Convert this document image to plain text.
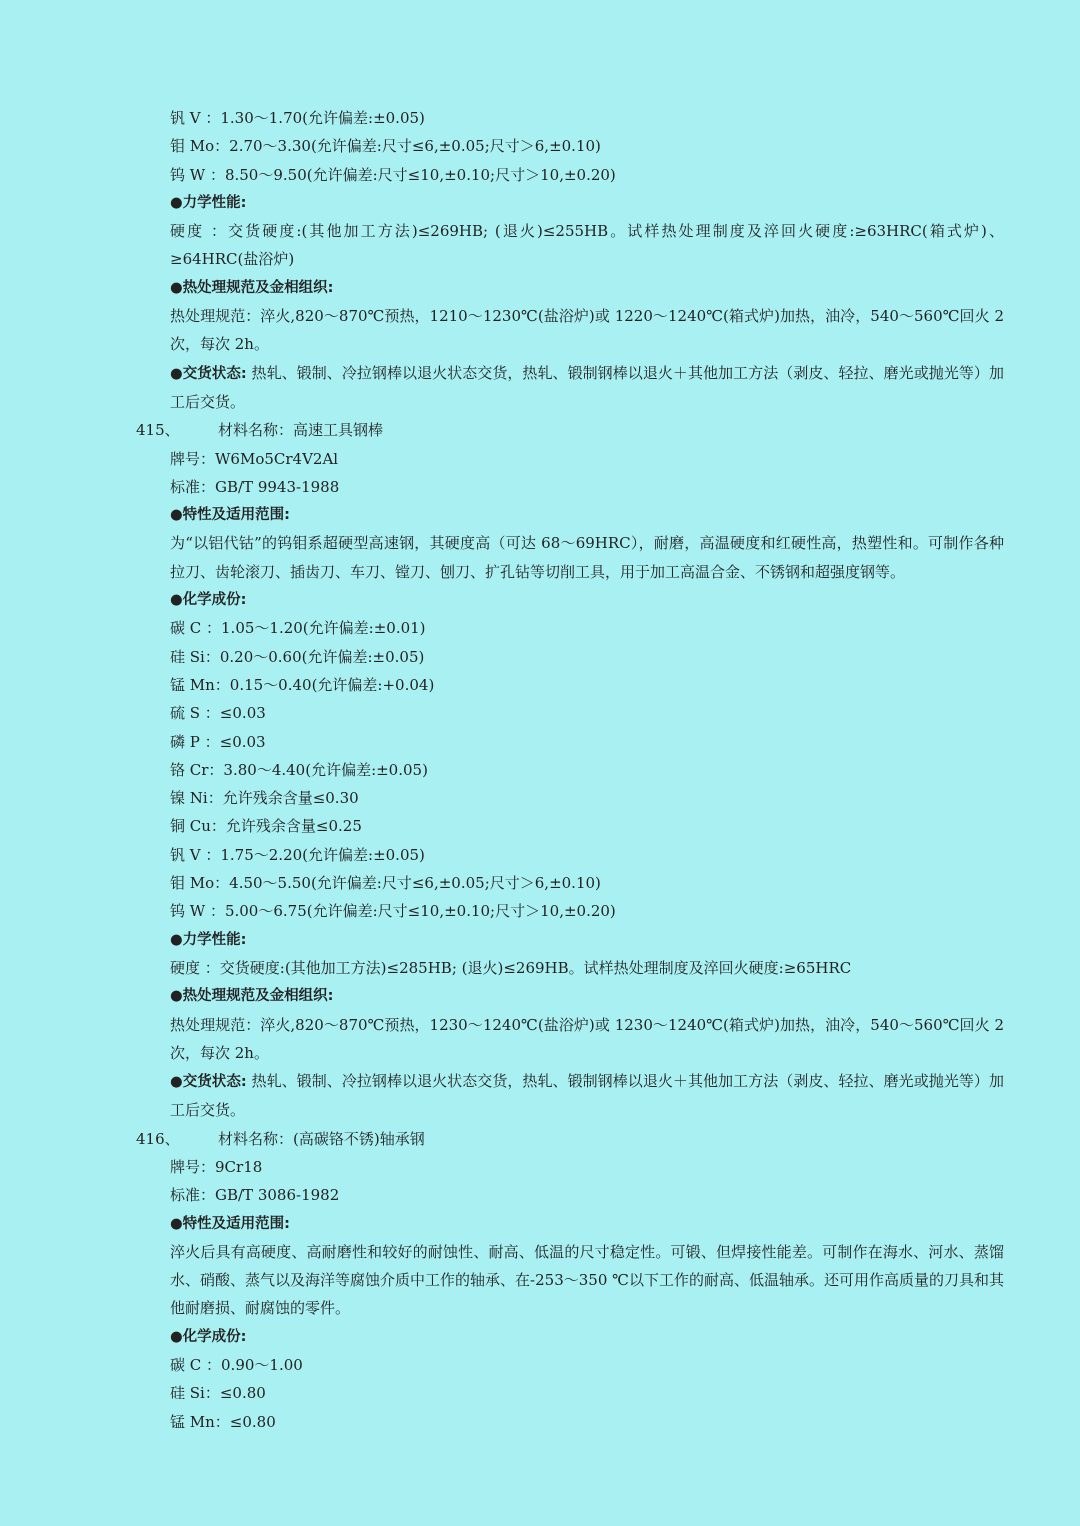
钒 V ：1.30～1.70(允许偏差:±0.05)
钼 Mo：2.70～3.30(允许偏差:尺寸≤6,±0.05;尺寸＞6,±0.10)
钨 W ：8.50～9.50(允许偏差:尺寸≤10,±0.10;尺寸＞10,±0.20)
●力学性能:
硬度 ：交货硬度:(其他加工方法)≤269HB; (退火)≤255HB。试样热处理制度及淬回火硬度:≥63HRC(箱式炉)、≥64HRC(盐浴炉)
●热处理规范及金相组织:
热处理规范：淬火,820～870℃预热，1210～1230℃(盐浴炉)或 1220～1240℃(箱式炉)加热，油冷，540～560℃回火 2 次，每次 2h。
●交货状态: 热轧、锻制、冷拉钢棒以退火状态交货，热轧、锻制钢棒以退火＋其他加工方法（剥皮、轻拉、磨光或抛光等）加工后交货。
415、	材料名称：高速工具钢棒
牌号：W6Mo5Cr4V2Al
标准：GB/T 9943-1988
●特性及适用范围:
为“以铝代钴”的钨钼系超硬型高速钢，其硬度高（可达 68～69HRC），耐磨，高温硬度和红硬性高，热塑性和。可制作各种拉刀、齿轮滚刀、插齿刀、车刀、镗刀、刨刀、扩孔钻等切削工具，用于加工高温合金、不锈钢和超强度钢等。
●化学成份:
碳 C ：1.05～1.20(允许偏差:±0.01)
硅 Si：0.20～0.60(允许偏差:±0.05)
锰 Mn：0.15～0.40(允许偏差:+0.04)
硫 S ：≤0.03
磷 P ：≤0.03
铬 Cr：3.80～4.40(允许偏差:±0.05)
镍 Ni：允许残余含量≤0.30
铜 Cu：允许残余含量≤0.25
钒 V ：1.75～2.20(允许偏差:±0.05)
钼 Mo：4.50～5.50(允许偏差:尺寸≤6,±0.05;尺寸＞6,±0.10)
钨 W ：5.00～6.75(允许偏差:尺寸≤10,±0.10;尺寸＞10,±0.20)
●力学性能:
硬度 ：交货硬度:(其他加工方法)≤285HB; (退火)≤269HB。试样热处理制度及淬回火硬度:≥65HRC
●热处理规范及金相组织:
热处理规范：淬火,820～870℃预热，1230～1240℃(盐浴炉)或 1230～1240℃(箱式炉)加热，油冷，540～560℃回火 2 次，每次 2h。
●交货状态: 热轧、锻制、冷拉钢棒以退火状态交货，热轧、锻制钢棒以退火＋其他加工方法（剥皮、轻拉、磨光或抛光等）加工后交货。
416、	材料名称：(高碳铬不锈)轴承钢
牌号：9Cr18
标准：GB/T 3086-1982
●特性及适用范围:
淬火后具有高硬度、高耐磨性和较好的耐蚀性、耐高、低温的尺寸稳定性。可锻、但焊接性能差。可制作在海水、河水、蒸馏水、硝酸、蒸气以及海洋等腐蚀介质中工作的轴承、在-253～350 ℃以下工作的耐高、低温轴承。还可用作高质量的刀具和其他耐磨损、耐腐蚀的零件。
●化学成份:
碳 C ：0.90～1.00
硅 Si：≤0.80
锰 Mn：≤0.80
